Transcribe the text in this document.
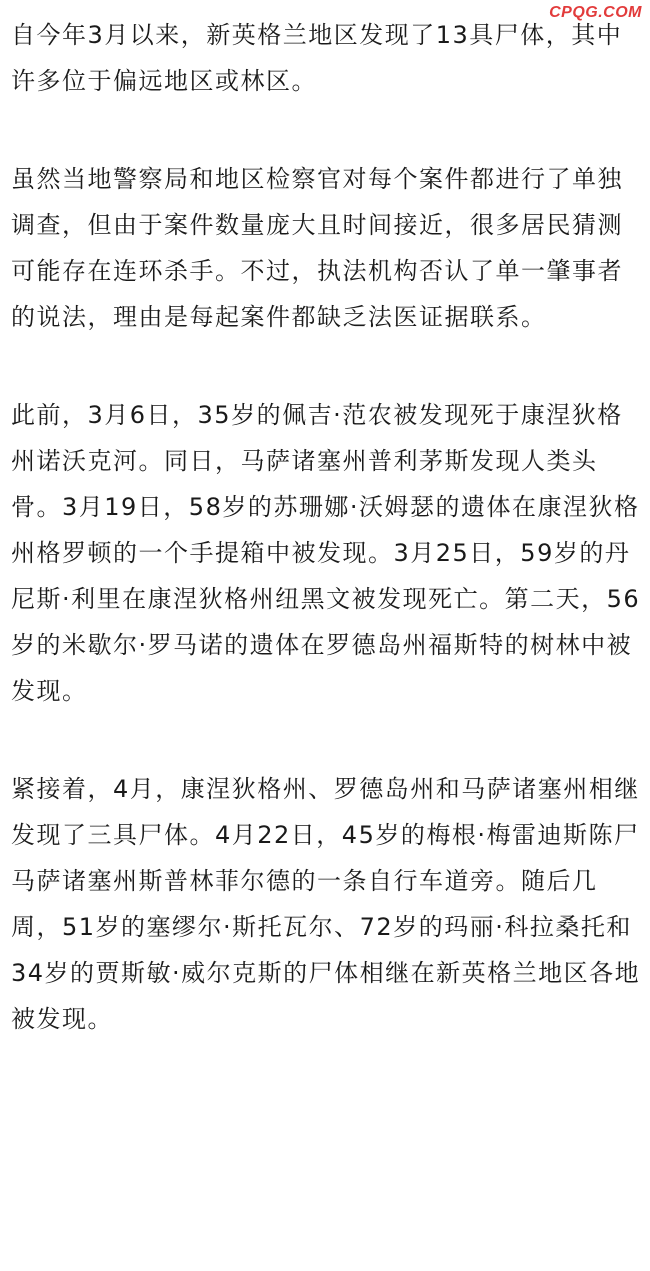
CPQG.COM

自今年3月以来，新英格兰地区发现了13具尸体，其中许多位于偏远地区或林区。

虽然当地警察局和地区检察官对每个案件都进行了单独调查，但由于案件数量庞大且时间接近，很多居民猜测可能存在连环杀手。不过，执法机构否认了单一肇事者的说法，理由是每起案件都缺乏法医证据联系。

此前，3月6日，35岁的佩吉·范农被发现死于康涅狄格州诺沃克河。同日，马萨诸塞州普利茅斯发现人类头骨。3月19日，58岁的苏珊娜·沃姆瑟的遗体在康涅狄格州格罗顿的一个手提箱中被发现。3月25日，59岁的丹尼斯·利里在康涅狄格州纽黑文被发现死亡。第二天，56岁的米歇尔·罗马诺的遗体在罗德岛州福斯特的树林中被发现。

紧接着，4月，康涅狄格州、罗德岛州和马萨诸塞州相继发现了三具尸体。4月22日，45岁的梅根·梅雷迪斯陈尸马萨诸塞州斯普林菲尔德的一条自行车道旁。随后几周，51岁的塞缪尔·斯托瓦尔、72岁的玛丽·科拉桑托和34岁的贾斯敏·威尔克斯的尸体相继在新英格兰地区各地被发现。
